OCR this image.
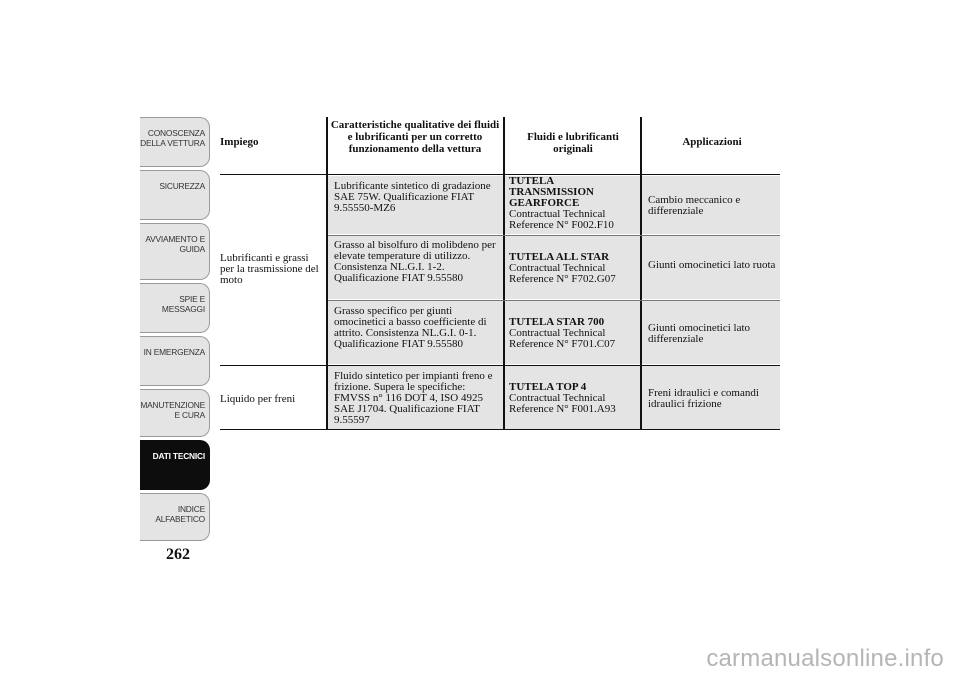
CONOSCENZA DELLA VETTURA
SICUREZZA
AVVIAMENTO E GUIDA
SPIE E MESSAGGI
IN EMERGENZA
MANUTENZIONE E CURA
DATI TECNICI
INDICE ALFABETICO
262
Impiego
Caratteristiche qualitative dei fluidi e lubrificanti per un corretto funzionamento della vettura
Fluidi e lubrificanti originali
Applicazioni
Lubrificanti e grassi per la trasmissione del moto
Liquido per freni
Lubrificante sintetico di gradazione SAE 75W. Qualificazione FIAT 9.55550-MZ6
TUTELA TRANSMISSION GEARFORCE
Contractual Technical Reference N° F002.F10
Cambio meccanico e differenziale
Grasso al bisolfuro di molibdeno per elevate temperature di utilizzo. Consistenza NL.G.I. 1-2. Qualificazione FIAT 9.55580
TUTELA ALL STAR
Contractual Technical Reference N° F702.G07
Giunti omocinetici lato ruota
Grasso specifico per giunti omocinetici a basso coefficiente di attrito. Consistenza NL.G.I. 0-1. Qualificazione FIAT 9.55580
TUTELA STAR 700
Contractual Technical Reference N° F701.C07
Giunti omocinetici lato differenziale
Fluido sintetico per impianti freno e frizione. Supera le specifiche: FMVSS n° 116 DOT 4, ISO 4925 SAE J1704. Qualificazione FIAT 9.55597
TUTELA TOP 4
Contractual Technical Reference N° F001.A93
Freni idraulici e comandi idraulici frizione
carmanualsonline.info
